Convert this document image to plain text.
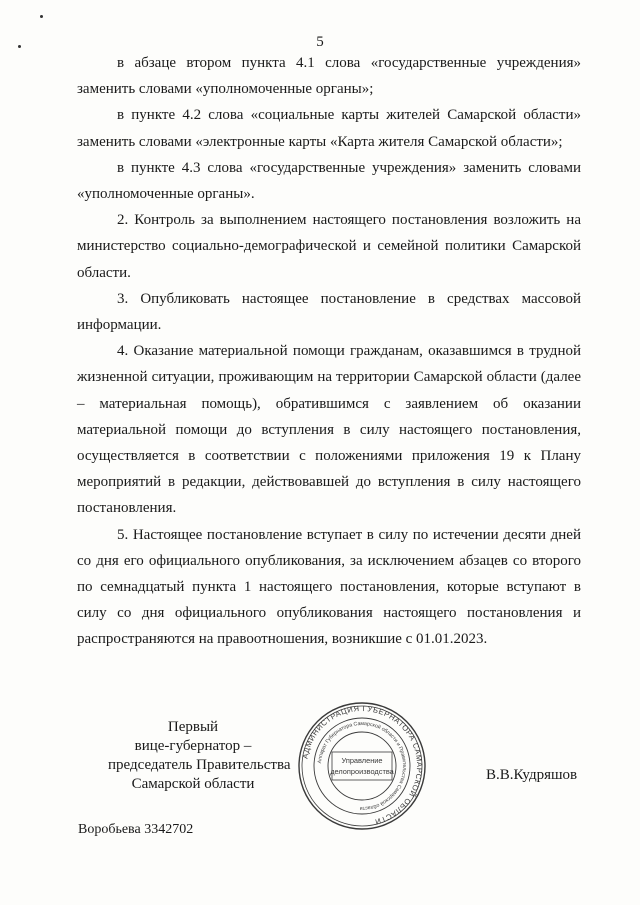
5

в абзаце втором пункта 4.1 слова «государственные учреждения» заменить словами «уполномоченные органы»;

в пункте 4.2 слова «социальные карты жителей Самарской области» заменить словами «электронные карты «Карта жителя Самарской области»;

в пункте 4.3 слова «государственные учреждения» заменить словами «уполномоченные органы».

2. Контроль за выполнением настоящего постановления возложить на министерство социально-демографической и семейной политики Самарской области.

3. Опубликовать настоящее постановление в средствах массовой информации.

4. Оказание материальной помощи гражданам, оказавшимся в трудной жизненной ситуации, проживающим на территории Самарской области (далее – материальная помощь), обратившимся с заявлением об оказании материальной помощи до вступления в силу настоящего постановления, осуществляется в соответствии с положениями приложения 19 к Плану мероприятий в редакции, действовавшей до вступления в силу настоящего постановления.

5. Настоящее постановление вступает в силу по истечении десяти дней со дня его официального опубликования, за исключением абзацев со второго по семнадцатый пункта 1 настоящего постановления, которые вступают в силу со дня официального опубликования настоящего постановления и распространяются на правоотношения, возникшие с 01.01.2023.

Первый
вице-губернатор –
председатель Правительства
Самарской области
АДМИНИСТРАЦИЯ ГУБЕРНАТОРА САМАРСКОЙ ОБЛАСТИ
Аппарат Губернатора Самарской области и Правительства Самарской области
Управление
делопроизводства	В.В.Кудряшов
Воробьева 3342702
